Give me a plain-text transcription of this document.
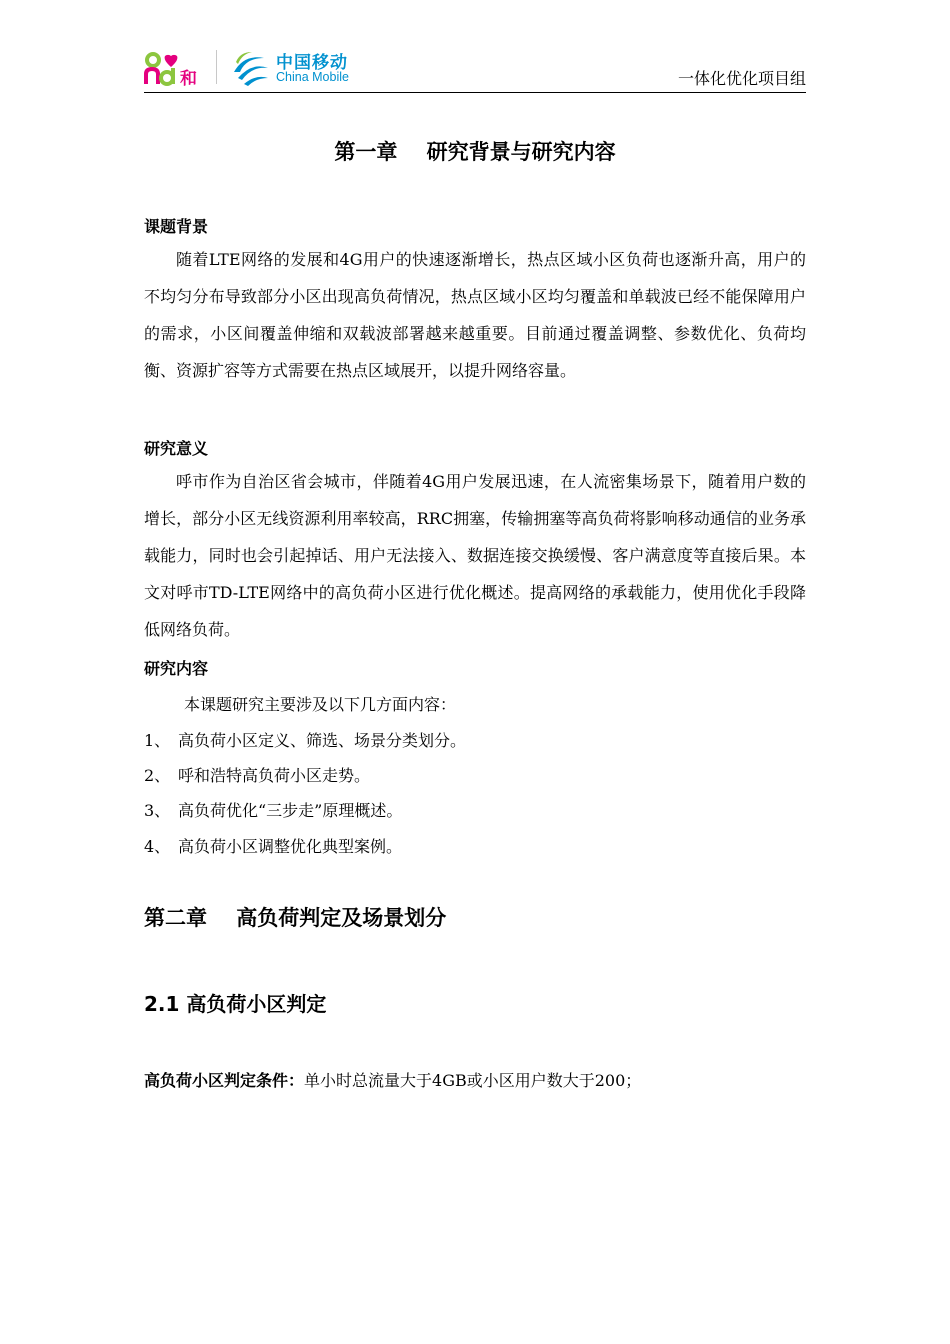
和
中国移动
China Mobile	一体化优化项目组
第一章    研究背景与研究内容
课题背景
随着LTE网络的发展和4G用户的快速逐渐增长，热点区域小区负荷也逐渐升高，用户的不均匀分布导致部分小区出现高负荷情况，热点区域小区均匀覆盖和单载波已经不能保障用户的需求，小区间覆盖伸缩和双载波部署越来越重要。目前通过覆盖调整、参数优化、负荷均衡、资源扩容等方式需要在热点区域展开，以提升网络容量。
研究意义
呼市作为自治区省会城市，伴随着4G用户发展迅速，在人流密集场景下，随着用户数的增长，部分小区无线资源利用率较高，RRC拥塞，传输拥塞等高负荷将影响移动通信的业务承载能力，同时也会引起掉话、用户无法接入、数据连接交换缓慢、客户满意度等直接后果。本文对呼市TD-LTE网络中的高负荷小区进行优化概述。提高网络的承载能力，使用优化手段降低网络负荷。
研究内容
本课题研究主要涉及以下几方面内容：
1、 高负荷小区定义、筛选、场景分类划分。
2、 呼和浩特高负荷小区走势。
3、 高负荷优化“三步走”原理概述。
4、 高负荷小区调整优化典型案例。
第二章    高负荷判定及场景划分
2.1 高负荷小区判定
高负荷小区判定条件：单小时总流量大于4GB或小区用户数大于200；
